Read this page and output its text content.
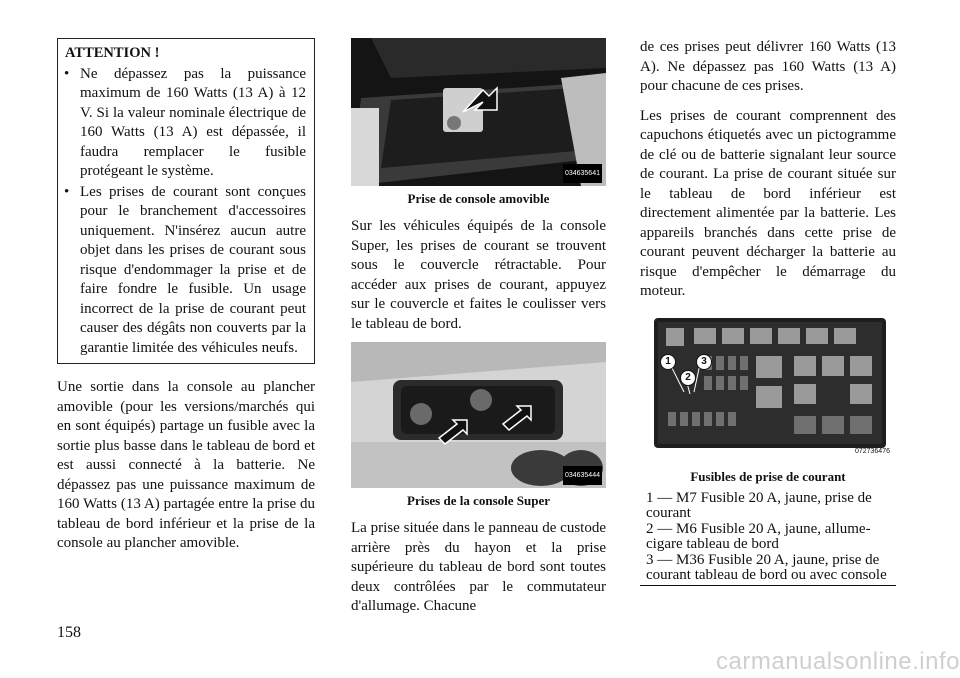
ATTENTION !
• Ne dépassez pas la puissance maximum de 160 Watts (13 A) à 12 V. Si la valeur nominale électrique de 160 Watts (13 A) est dépassée, il faudra remplacer le fusible protégeant le système.
• Les prises de courant sont conçues pour le branchement d'accessoires uniquement. N'insérez aucun autre objet dans les prises de courant sous risque d'endommager la prise et de faire fondre le fusible. Un usage incorrect de la prise de courant peut causer des dégâts non couverts par la garantie limitée des véhicules neufs.

Une sortie dans la console au plancher amovible (pour les versions/marchés qui en sont équipés) partage un fusible avec la sortie plus basse dans le tableau de bord et est aussi connecté à la batterie. Ne dépassez pas une puissance maximum de 160 Watts (13 A) partagée entre la prise du tableau de bord inférieur et la prise de la console au plancher amovible.

034635641
Prise de console amovible

Sur les véhicules équipés de la console Super, les prises de courant se trouvent sous le couvercle rétractable. Pour accéder aux prises de courant, appuyez sur le couvercle et faites le coulisser vers le tableau de bord.

034635444
Prises de la console Super

La prise située dans le panneau de custode arrière près du hayon et la prise supérieure du tableau de bord sont toutes deux contrôlées par le commutateur d'allumage. Chacune

de ces prises peut délivrer 160 Watts (13 A). Ne dépassez pas 160 Watts (13 A) pour chacune de ces prises.

Les prises de courant comprennent des capuchons étiquetés avec un pictogramme de clé ou de batterie signalant leur source de courant. La prise de courant située sur le tableau de bord inférieur est directement alimentée par la batterie. Les appareils branchés dans cette prise de courant peuvent décharger la batterie au risque d'empêcher le démarrage du moteur.

1
2
3
072736476
Fusibles de prise de courant
1 — M7 Fusible 20 A, jaune, prise de courant
2 — M6 Fusible 20 A, jaune, allume-cigare tableau de bord
3 — M36 Fusible 20 A, jaune, prise de courant tableau de bord ou avec console
158
carmanualsonline.info
